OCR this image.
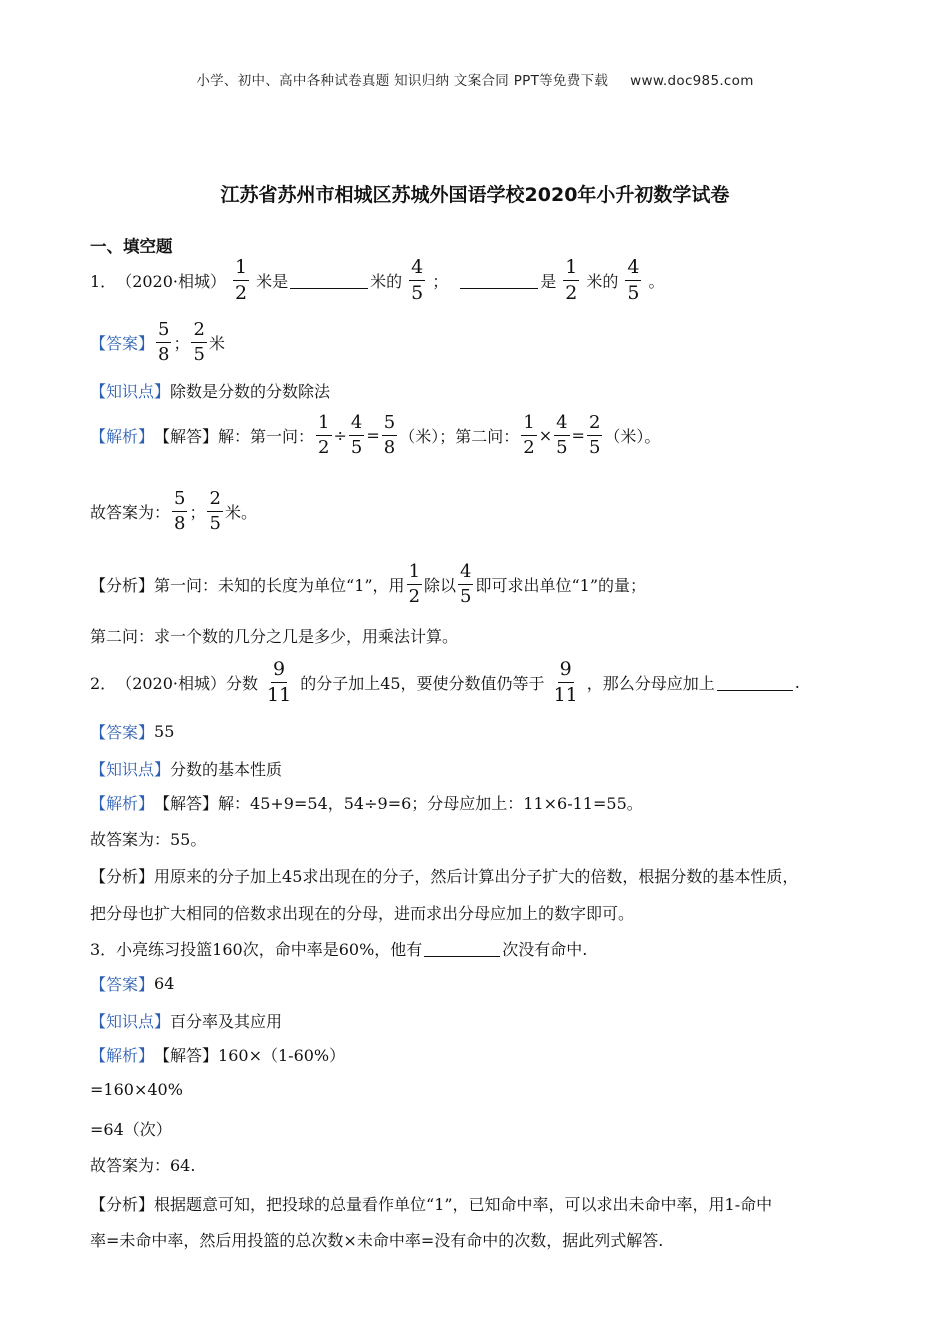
小学、初中、高中各种试卷真题 知识归纳 文案合同 PPT等免费下载 www.doc985.com
江苏省苏州市相城区苏城外国语学校2020年小升初数学试卷
一、填空题
1． （2020·相城） $\frac{1}{2}$ 米是	米的 $\frac{4}{5}$ ；	是 $\frac{1}{2}$ 米的 $\frac{4}{5}$ 。
【答案】 $\frac{5}{8}$ ； $\frac{2}{5}$ 米
【知识点】 除数是分数的分数除法
【解析】 【解答】 解：第一问： $\frac{1}{2} \div \frac{4}{5} = \frac{5}{8}$ （米）；第二问： $\frac{1}{2} \times \frac{4}{5} = \frac{2}{5}$ （米）。
故答案为： $\frac{5}{8}$ ； $\frac{2}{5}$ 米。
【分析】 第一问：未知的长度为单位“1”，用 $\frac{1}{2}$ 除以 $\frac{4}{5}$ 即可求出单位“1”的量；
第二问：求一个数的几分之几是多少，用乘法计算。
2． （2020·相城）分数 $\frac{9}{11}$ 的分子加上45，要使分数值仍等于 $\frac{9}{11}$ ，那么分母应加上	.
【答案】 55
【知识点】 分数的基本性质
【解析】 【解答】 解：45+9=54，54÷9=6；分母应加上：11×6-11=55。
故答案为：55。
【分析】 用原来的分子加上45求出现在的分子，然后计算出分子扩大的倍数，根据分数的基本性质，
把分母也扩大相同的倍数求出现在的分母，进而求出分母应加上的数字即可。
3．小亮练习投篮160次，命中率是60%，他有	次没有命中.
【答案】 64
【知识点】 百分率及其应用
【解析】 【解答】 160×（1-60%）
=160×40%
=64（次）
故答案为：64.
【分析】 根据题意可知，把投球的总量看作单位“1”，已知命中率，可以求出未命中率，用1-命中
率=未命中率，然后用投篮的总次数×未命中率=没有命中的次数，据此列式解答.
